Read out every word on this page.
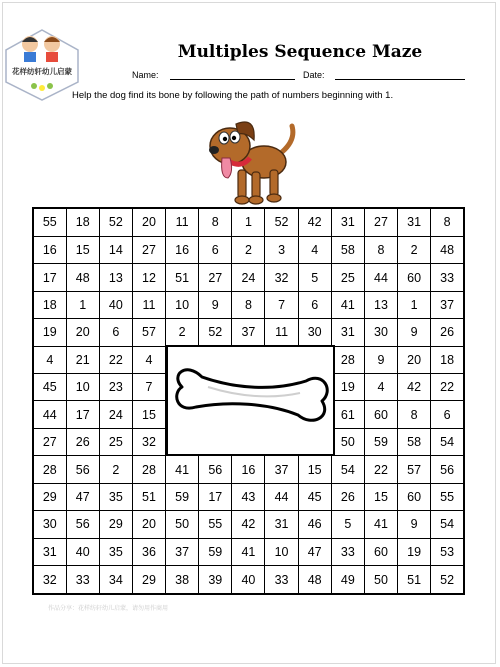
花样纺轩幼儿启蒙
Multiples Sequence Maze
Name:	Date:
Help the dog find its bone by following the path of numbers beginning with 1.
55	18	52	20	11	8	1	52	42	31	27	31	8
16	15	14	27	16	6	2	3	4	58	8	2	48
17	48	13	12	51	27	24	32	5	25	44	60	33
18	1	40	11	10	9	8	7	6	41	13	1	37
19	20	6	57	2	52	37	11	30	31	30	9	26
4	21	22	4						28	9	20	18
45	10	23	7						19	4	42	22
44	17	24	15						61	60	8	6
27	26	25	32						50	59	58	54
28	56	2	28	41	56	16	37	15	54	22	57	56
29	47	35	51	59	17	43	44	45	26	15	60	55
30	56	29	20	50	55	42	31	46	5	41	9	54
31	40	35	36	37	59	41	10	47	33	60	19	53
32	33	34	29	38	39	40	33	48	49	50	51	52
作品分享：花样纺轩幼儿启蒙，请勿用作商用
